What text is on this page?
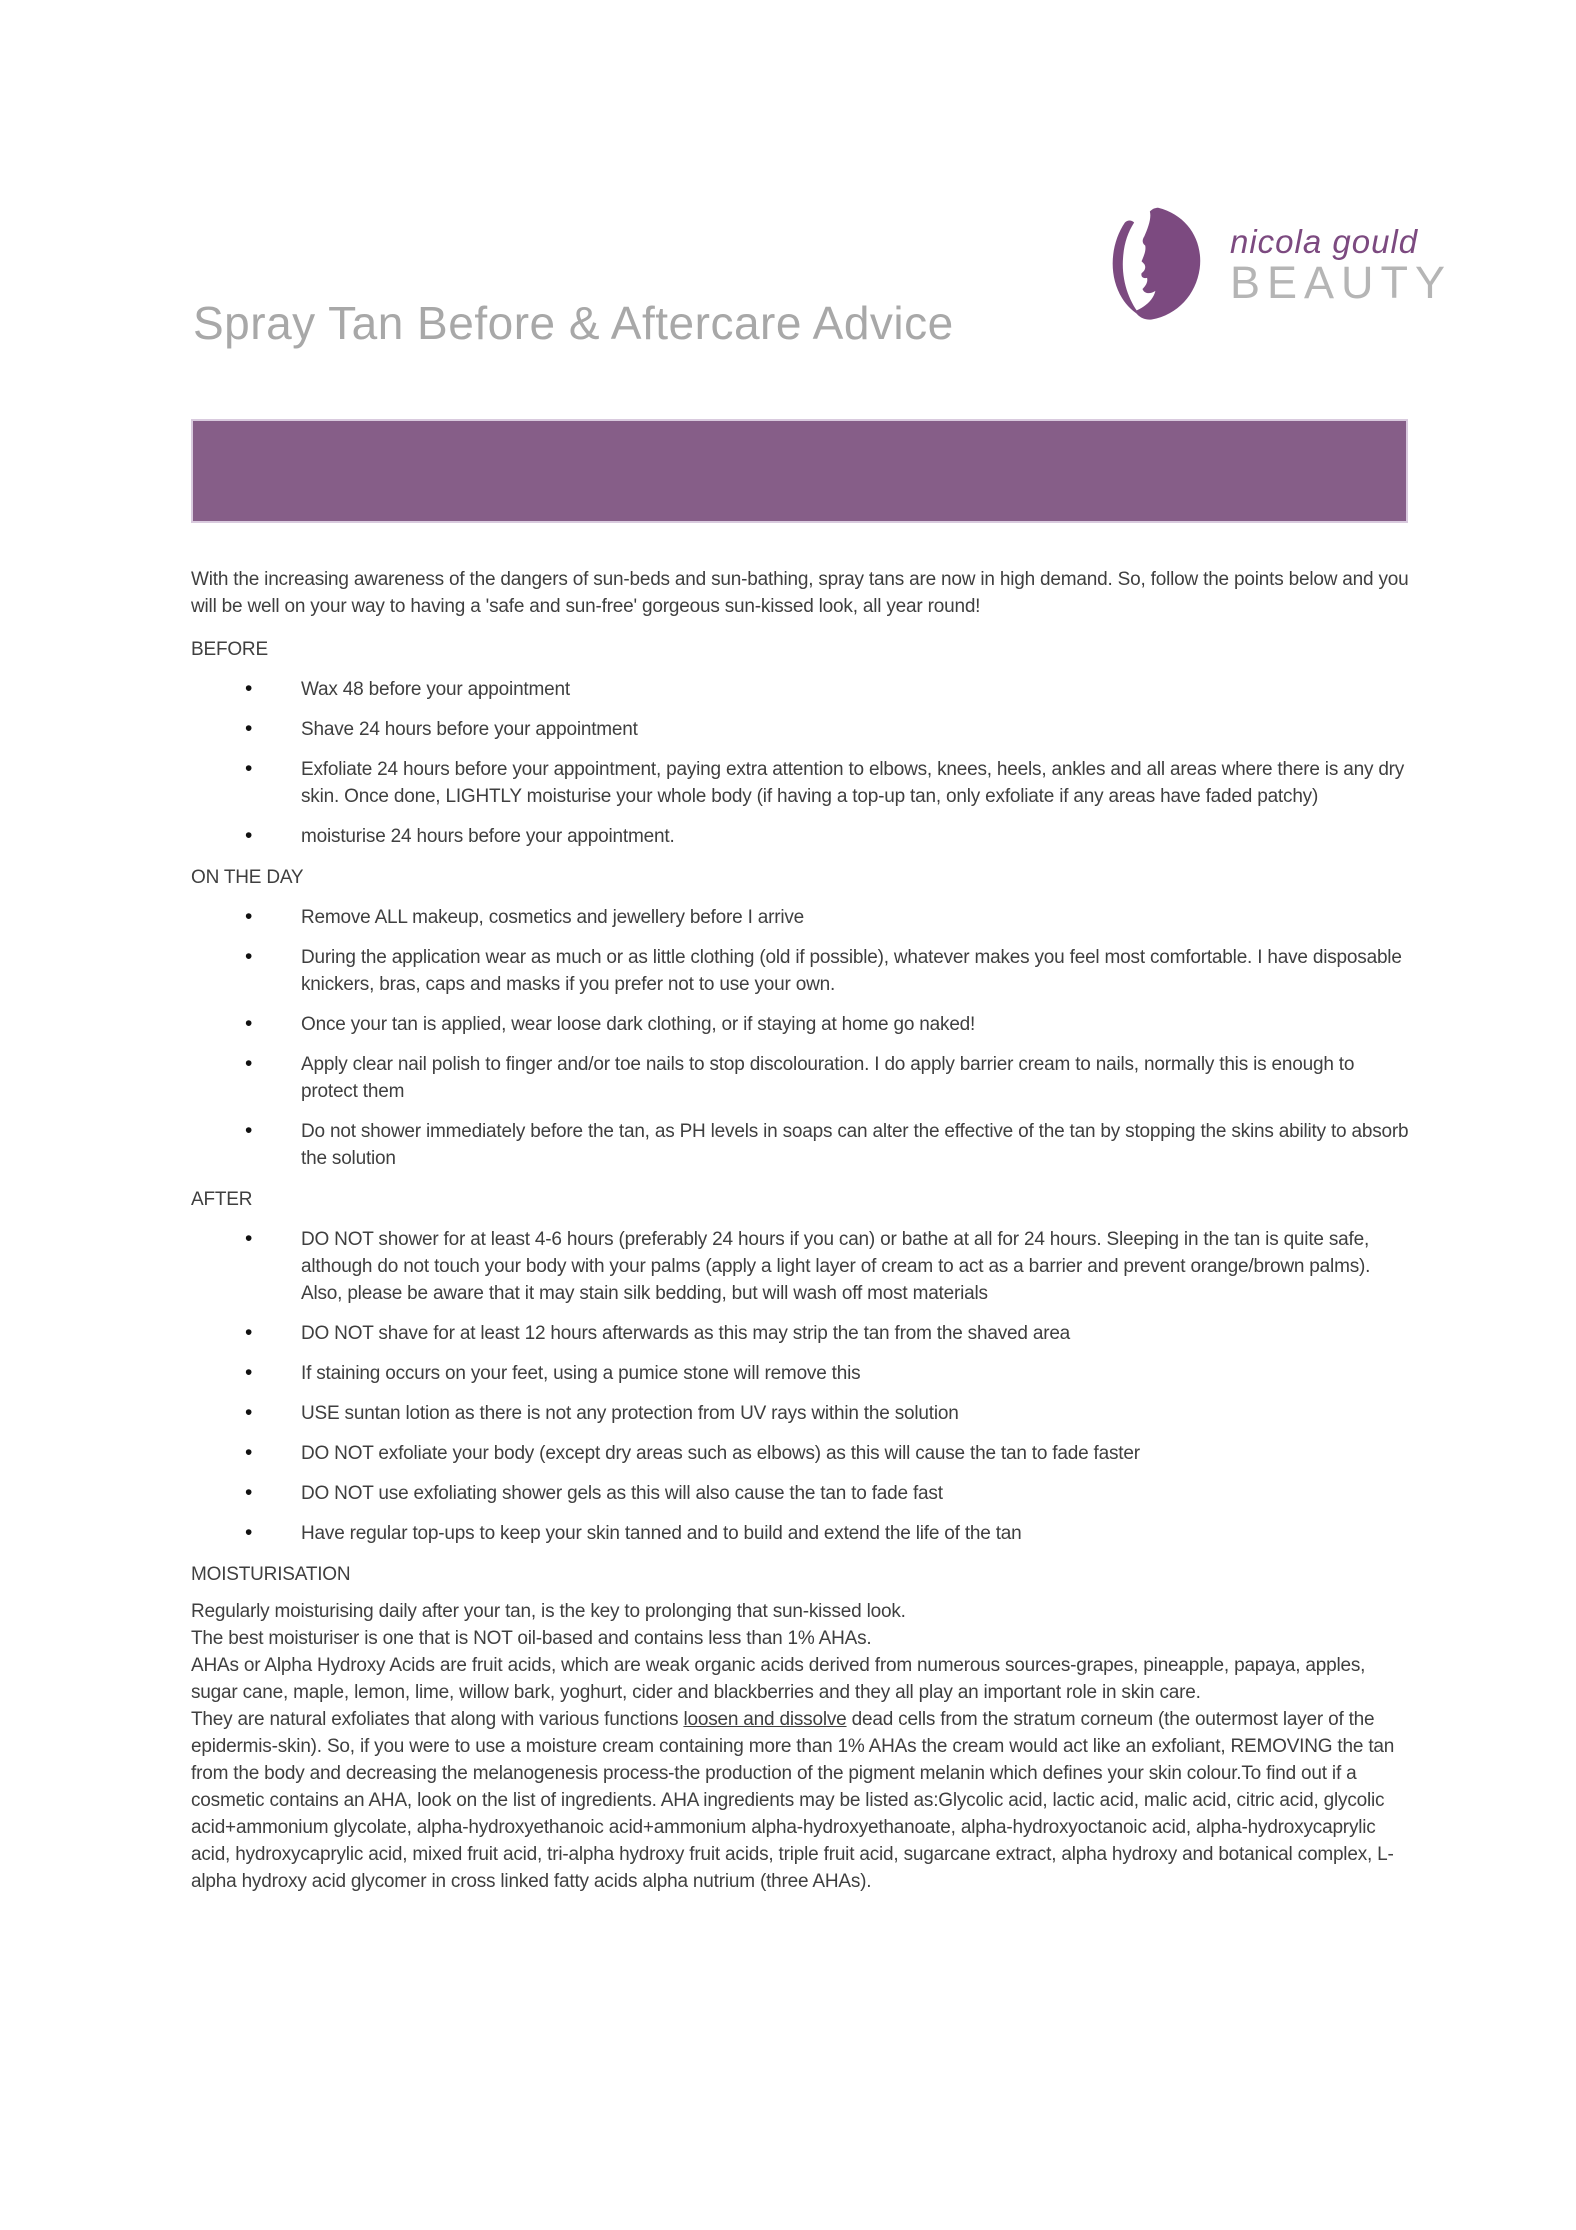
nicola gould
BEAUTY
Spray Tan Before & Aftercare Advice

With the increasing awareness of the dangers of sun-beds and sun-bathing, spray tans are now in high demand. So, follow the points below and you will be well on your way to having a 'safe and sun-free' gorgeous sun-kissed look, all year round!

BEFORE
• Wax 48 before your appointment
• Shave 24 hours before your appointment
• Exfoliate 24 hours before your appointment, paying extra attention to elbows, knees, heels, ankles and all areas where there is any dry skin. Once done, LIGHTLY moisturise your whole body (if having a top-up tan, only exfoliate if any areas have faded patchy)
• moisturise 24 hours before your appointment.
ON THE DAY
• Remove ALL makeup, cosmetics and jewellery before I arrive
• During the application wear as much or as little clothing (old if possible), whatever makes you feel most comfortable. I have disposable knickers, bras, caps and masks if you prefer not to use your own.
• Once your tan is applied, wear loose dark clothing, or if staying at home go naked!
• Apply clear nail polish to finger and/or toe nails to stop discolouration. I do apply barrier cream to nails, normally this is enough to protect them
• Do not shower immediately before the tan, as PH levels in soaps can alter the effective of the tan by stopping the skins ability to absorb the solution
AFTER
• DO NOT shower for at least 4-6 hours (preferably 24 hours if you can) or bathe at all for 24 hours. Sleeping in the tan is quite safe, although do not touch your body with your palms (apply a light layer of cream to act as a barrier and prevent orange/brown palms). Also, please be aware that it may stain silk bedding, but will wash off most materials
• DO NOT shave for at least 12 hours afterwards as this may strip the tan from the shaved area
• If staining occurs on your feet, using a pumice stone will remove this
• USE suntan lotion as there is not any protection from UV rays within the solution
• DO NOT exfoliate your body (except dry areas such as elbows) as this will cause the tan to fade faster
• DO NOT use exfoliating shower gels as this will also cause the tan to fade fast
• Have regular top-ups to keep your skin tanned and to build and extend the life of the tan
MOISTURISATION

Regularly moisturising daily after your tan, is the key to prolonging that sun-kissed look.

The best moisturiser is one that is NOT oil-based and contains less than 1% AHAs.

AHAs or Alpha Hydroxy Acids are fruit acids, which are weak organic acids derived from numerous sources-grapes, pineapple, papaya, apples, sugar cane, maple, lemon, lime, willow bark, yoghurt, cider and blackberries and they all play an important role in skin care.

They are natural exfoliates that along with various functions loosen and dissolve dead cells from the stratum corneum (the outermost layer of the epidermis-skin). So, if you were to use a moisture cream containing more than 1% AHAs the cream would act like an exfoliant, REMOVING the tan from the body and decreasing the melanogenesis process-the production of the pigment melanin which defines your skin colour.To find out if a cosmetic contains an AHA, look on the list of ingredients. AHA ingredients may be listed as:Glycolic acid, lactic acid, malic acid, citric acid, glycolic acid+ammonium glycolate, alpha-hydroxyethanoic acid+ammonium alpha-hydroxyethanoate, alpha-hydroxyoctanoic acid, alpha-hydroxycaprylic acid, hydroxycaprylic acid, mixed fruit acid, tri-alpha hydroxy fruit acids, triple fruit acid, sugarcane extract, alpha hydroxy and botanical complex, L-alpha hydroxy acid glycomer in cross linked fatty acids alpha nutrium (three AHAs).
